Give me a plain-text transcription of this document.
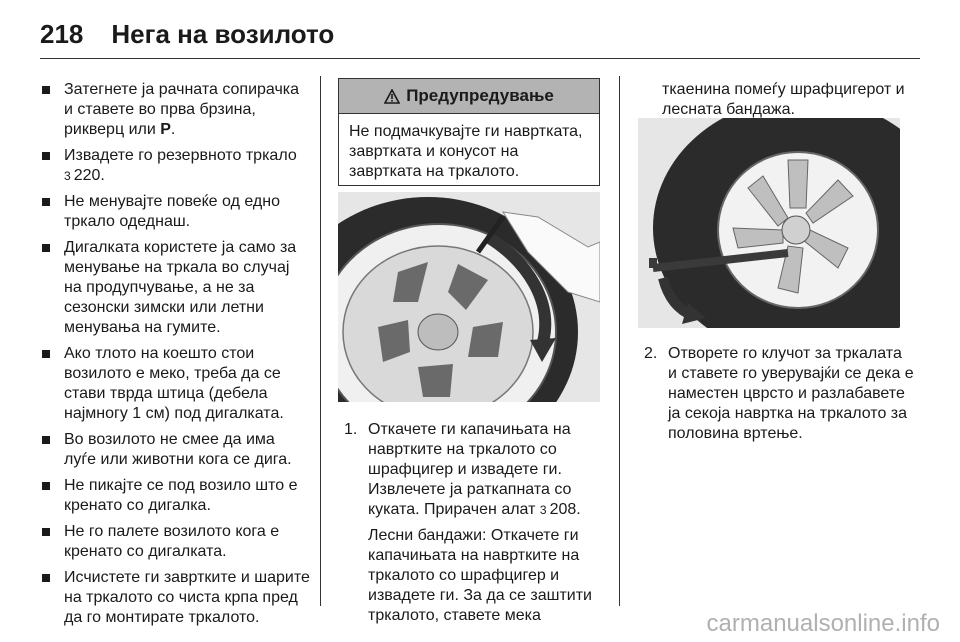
218 Нега на возилото
Затегнете ја рачната сопирачка и ставете во прва брзина, рикверц или P.
Извадете го резервното тркало
3 220.
Не менувајте повеќе од едно тркало одеднаш.
Дигалката користете ја само за менување на тркала во случај на продупчување, а не за сезонски зимски или летни менувања на гумите.
Ако тлото на коешто стои возилото е меко, треба да се стави тврда штица (дебела најмногу 1 см) под дигалката.
Во возилото не смее да има луѓе или животни кога се дига.
Не пикајте се под возило што е кренато со дигалка.
Не го палете возилото кога е кренато со дигалката.
Исчистете ги завртките и шарите на тркалото со чиста крпа пред да го монтирате тркалото.
Предупредување
Не подмачкувајте ги навртката, завртката и конусот на завртката на тркалото.
1. Откачете ги капачињата на навртките на тркалото со шрафцигер и извадете ги. Извлечете ја раткапната со куката. Прирачен алат 3 208.
Лесни бандажи: Откачете ги капачињата на навртките на тркалото со шрафцигер и извадете ги. За да се заштити тркалото, ставете мека
ткаенина помеѓу шрафцигерот и лесната бандажа.
2. Отворете го клучот за тркалата и ставете го уверувајќи се дека е наместен цврсто и разлабавете ја секоја навртка на тркалото за половина вртење.
carmanualsonline.info
